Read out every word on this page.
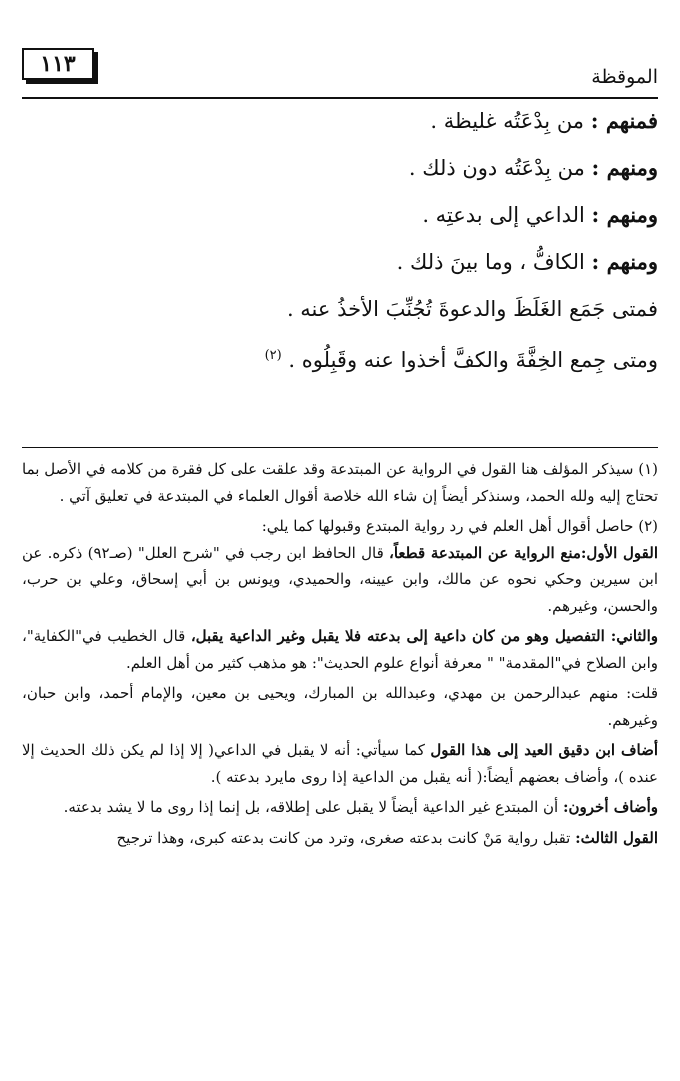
١١٣	الموقظة
فمنهم : من بِدْعَتُه غليظة .
ومنهم : من بِدْعَتُه دون ذلك .
ومنهم : الداعي إلى بدعتِه .
ومنهم : الكافُّ ، وما بينَ ذلك .
فمتى جَمَع الغَلَظَ والدعوةَ تُجُنِّبَ الأخذُ عنه .
ومتى جِمع الخِفَّةَ والكفَّ أخذوا عنه وقَبِلُوه . $^{(٢)}$

(١) سيذكر المؤلف هنا القول في الرواية عن المبتدعة وقد علقت على كل فقرة من كلامه في الأصل بما تحتاج إليه ولله الحمد، وسنذكر أيضاً إن شاء الله خلاصة أقوال العلماء في المبتدعة في تعليق آتي .

(٢) حاصل أقوال أهل العلم في رد رواية المبتدع وقبولها كما يلي:

القول الأول:منع الرواية عن المبتدعة قطعاً، قال الحافظ ابن رجب في "شرح العلل" (صـ٩٢) ذكره. عن ابن سيرين وحكي نحوه عن مالك، وابن عيينه، والحميدي، ويونس بن أبي إسحاق، وعلي بن حرب، والحسن، وغيرهم.

والثاني: التفصيل وهو من كان داعية إلى بدعته فلا يقبل وغير الداعية يقبل، قال الخطيب في"الكفاية"، وابن الصلاح في"المقدمة" " معرفة أنواع علوم الحديث": هو مذهب كثير من أهل العلم.

قلت: منهم عبدالرحمن بن مهدي، وعبدالله بن المبارك، ويحيى بن معين، والإمام أحمد، وابن حبان، وغيرهم.

أضاف ابن دقيق العيد إلى هذا القول كما سيأتي: أنه لا يقبل في الداعي( إلا إذا لم يكن ذلك الحديث إلا عنده )، وأضاف بعضهم أيضاً:( أنه يقبل من الداعية إذا روى مايرد بدعته ).

وأضاف أخرون: أن المبتدع غير الداعية أيضاً لا يقبل على إطلاقه، بل إنما إذا روى ما لا يشد بدعته.

القول الثالث: تقبل رواية مَنْ كانت بدعته صغرى، وترد من كانت بدعته كبرى، وهذا ترجيح
